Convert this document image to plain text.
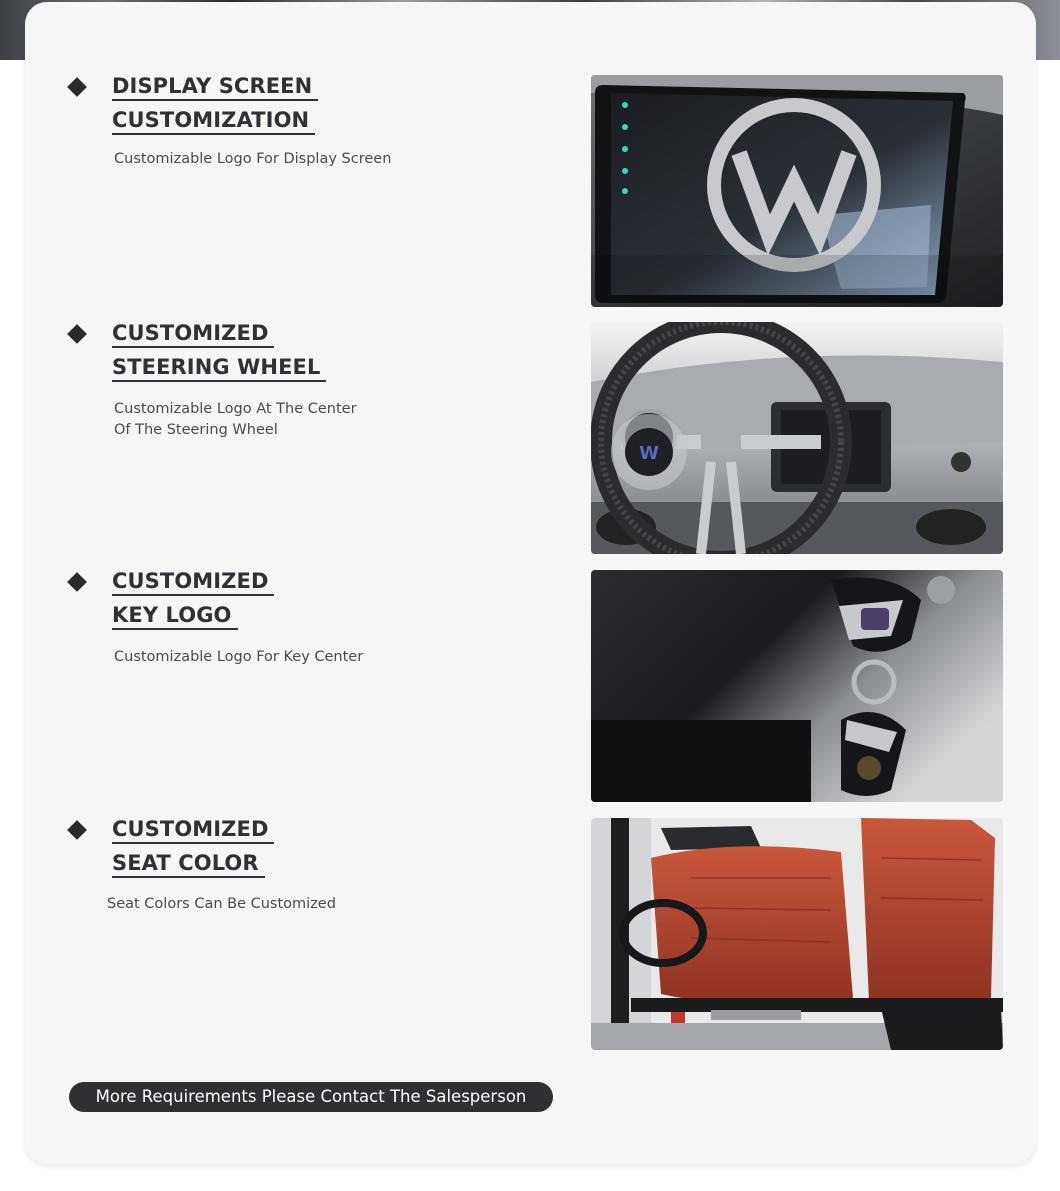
DISPLAY SCREEN
CUSTOMIZATION
Customizable Logo For Display Screen
CUSTOMIZED
STEERING WHEEL
Customizable Logo At The Center
Of The Steering Wheel
W
CUSTOMIZED
KEY LOGO
Customizable Logo For Key Center
CUSTOMIZED
SEAT COLOR
Seat Colors Can Be Customized
More Requirements Please Contact The Salesperson
